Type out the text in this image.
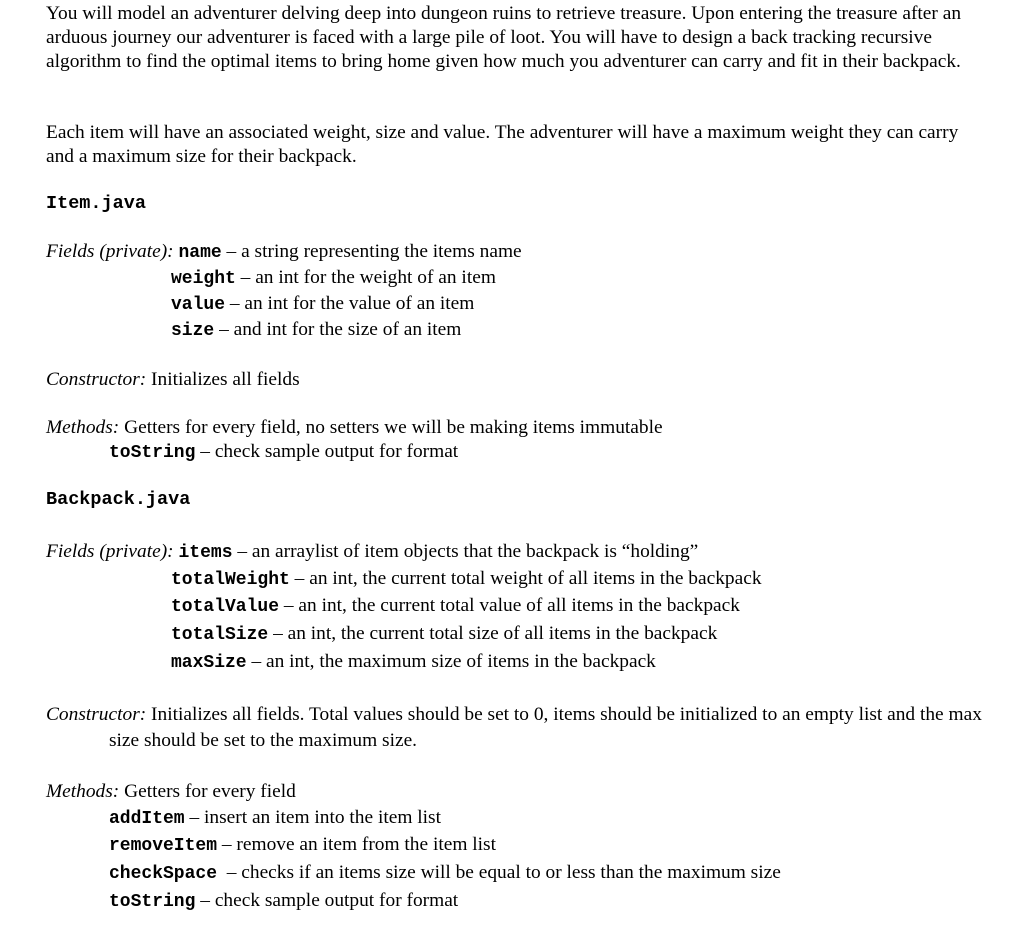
You will model an adventurer delving deep into dungeon ruins to retrieve treasure. Upon entering the treasure after an arduous journey our adventurer is faced with a large pile of loot. You will have to design a back tracking recursive algorithm to find the optimal items to bring home given how much you adventurer can carry and fit in their backpack.

Each item will have an associated weight, size and value. The adventurer will have a maximum weight they can carry and a maximum size for their backpack.

Item.java
Fields (private): name – a string representing the items name
weight – an int for the weight of an item
value – an int for the value of an item
size – and int for the size of an item
Constructor: Initializes all fields
Methods: Getters for every field, no setters we will be making items immutable
toString – check sample output for format
Backpack.java
Fields (private): items – an arraylist of item objects that the backpack is “holding”
totalWeight – an int, the current total weight of all items in the backpack
totalValue – an int, the current total value of all items in the backpack
totalSize – an int, the current total size of all items in the backpack
maxSize – an int, the maximum size of items in the backpack
Constructor: Initializes all fields. Total values should be set to 0, items should be initialized to an empty list and the max size should be set to the maximum size.
Methods: Getters for every field
addItem – insert an item into the item list
removeItem – remove an item from the item list
checkSpace  – checks if an items size will be equal to or less than the maximum size
toString – check sample output for format
